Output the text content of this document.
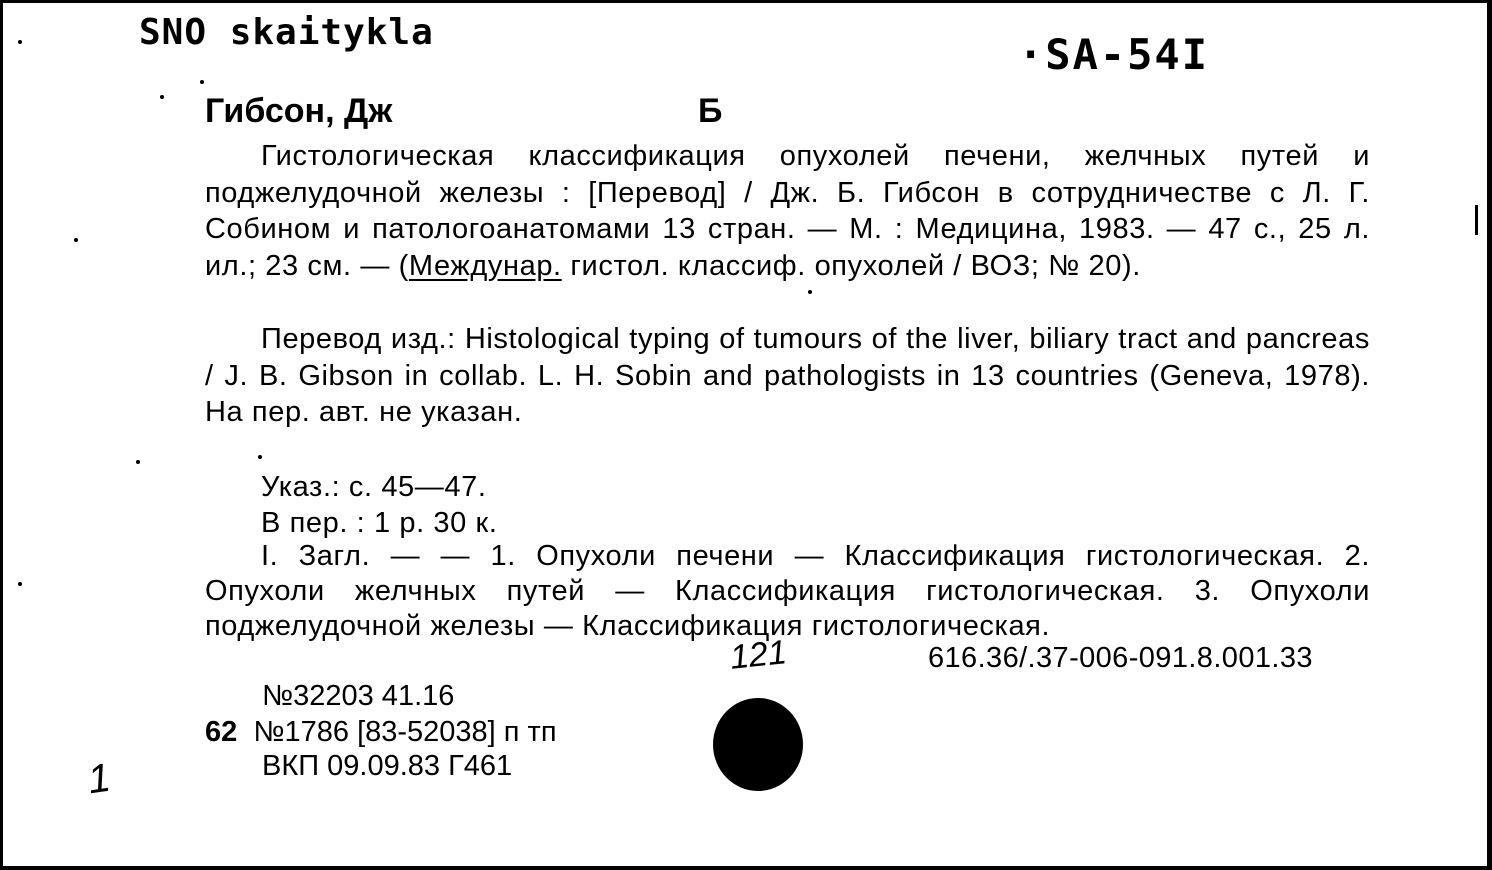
SNO skaitykla	·SA-54I
Гибсон, Дж	Б
Гистологическая классификация опухолей печени, желчных путей и поджелудочной железы : [Перевод] / Дж. Б. Гибсон в сотрудничестве с Л. Г. Собином и патологоанатомами 13 стран. — М. : Медицина, 1983. — 47 с., 25 л. ил.; 23 см. — (Междунар. гистол. классиф. опухолей / ВОЗ; № 20).
Перевод изд.: Histological typing of tumours of the liver, biliary tract and pancreas / J. B. Gibson in collab. L. H. Sobin and pathologists in 13 countries (Geneva, 1978). На пер. авт. не указан.
Указ.: с. 45—47.
В пер. : 1 р. 30 к.
I. Загл. — — 1. Опухоли печени — Классификация гистологическая. 2. Опухоли желчных путей — Классификация гистологическая. 3. Опухоли поджелудочной железы — Классификация гистологическая.
121	616.36/.37-006-091.8.001.33
№32203 41.16
62 №1786 [83-52038] п тп
ВКП 09.09.83 Г461
1
